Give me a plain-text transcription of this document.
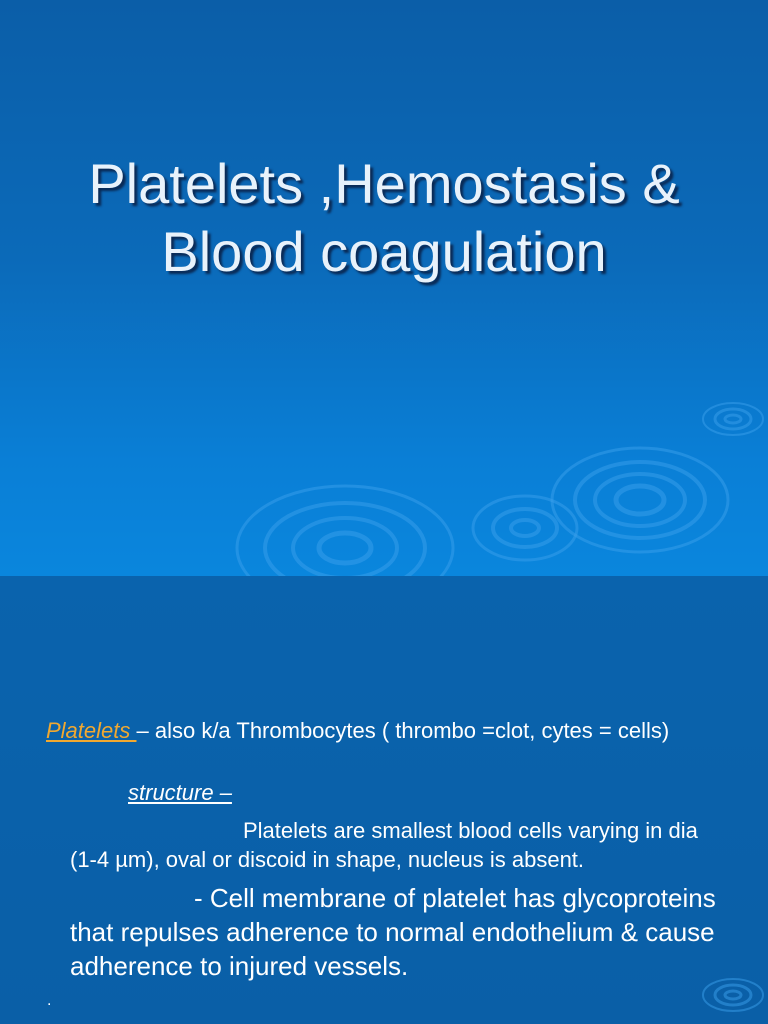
Platelets ,Hemostasis &
Blood coagulation

Platelets – also k/a Thrombocytes ( thrombo =clot, cytes = cells)

structure –

Platelets are smallest blood cells varying in dia (1-4 µm), oval or discoid in shape, nucleus is absent.

- Cell membrane of platelet has glycoproteins that repulses adherence to normal endothelium & cause adherence to injured vessels.

.
